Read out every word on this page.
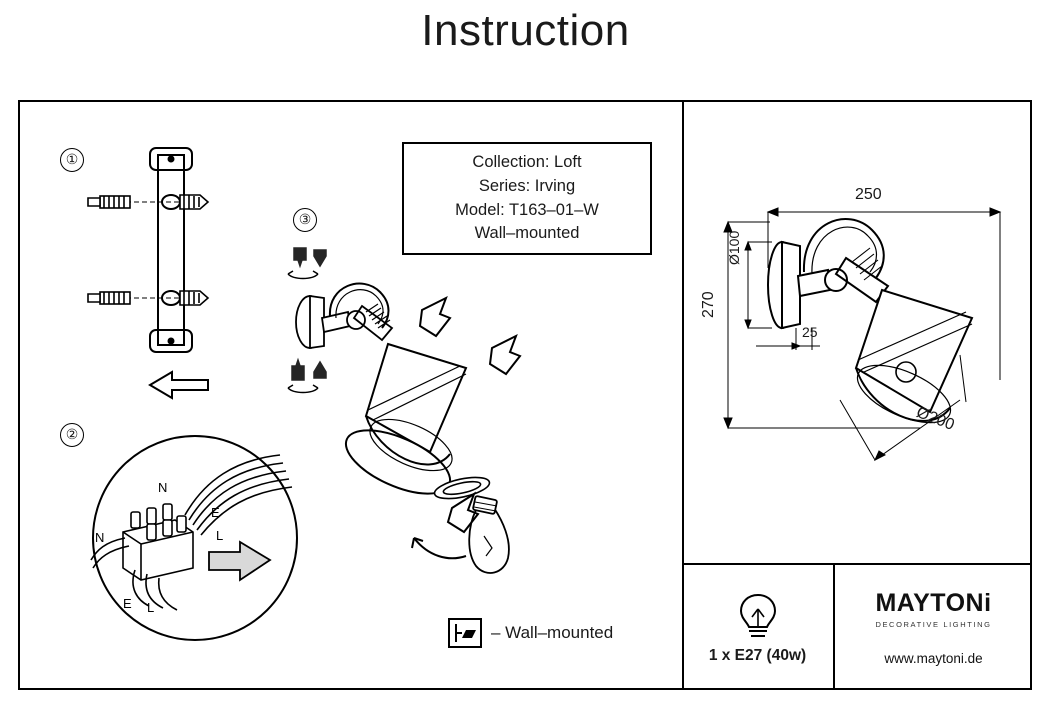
Instruction
①
②
③
Collection: Loft
Series: Irving
Model: T163–01–W
Wall–mounted
N
E
L
N
E L
– Wall–mounted
250
270
Ø100
25
Ø200
1 x E27 (40w)
MAYTONi
DECORATIVE LIGHTING
www.maytoni.de
